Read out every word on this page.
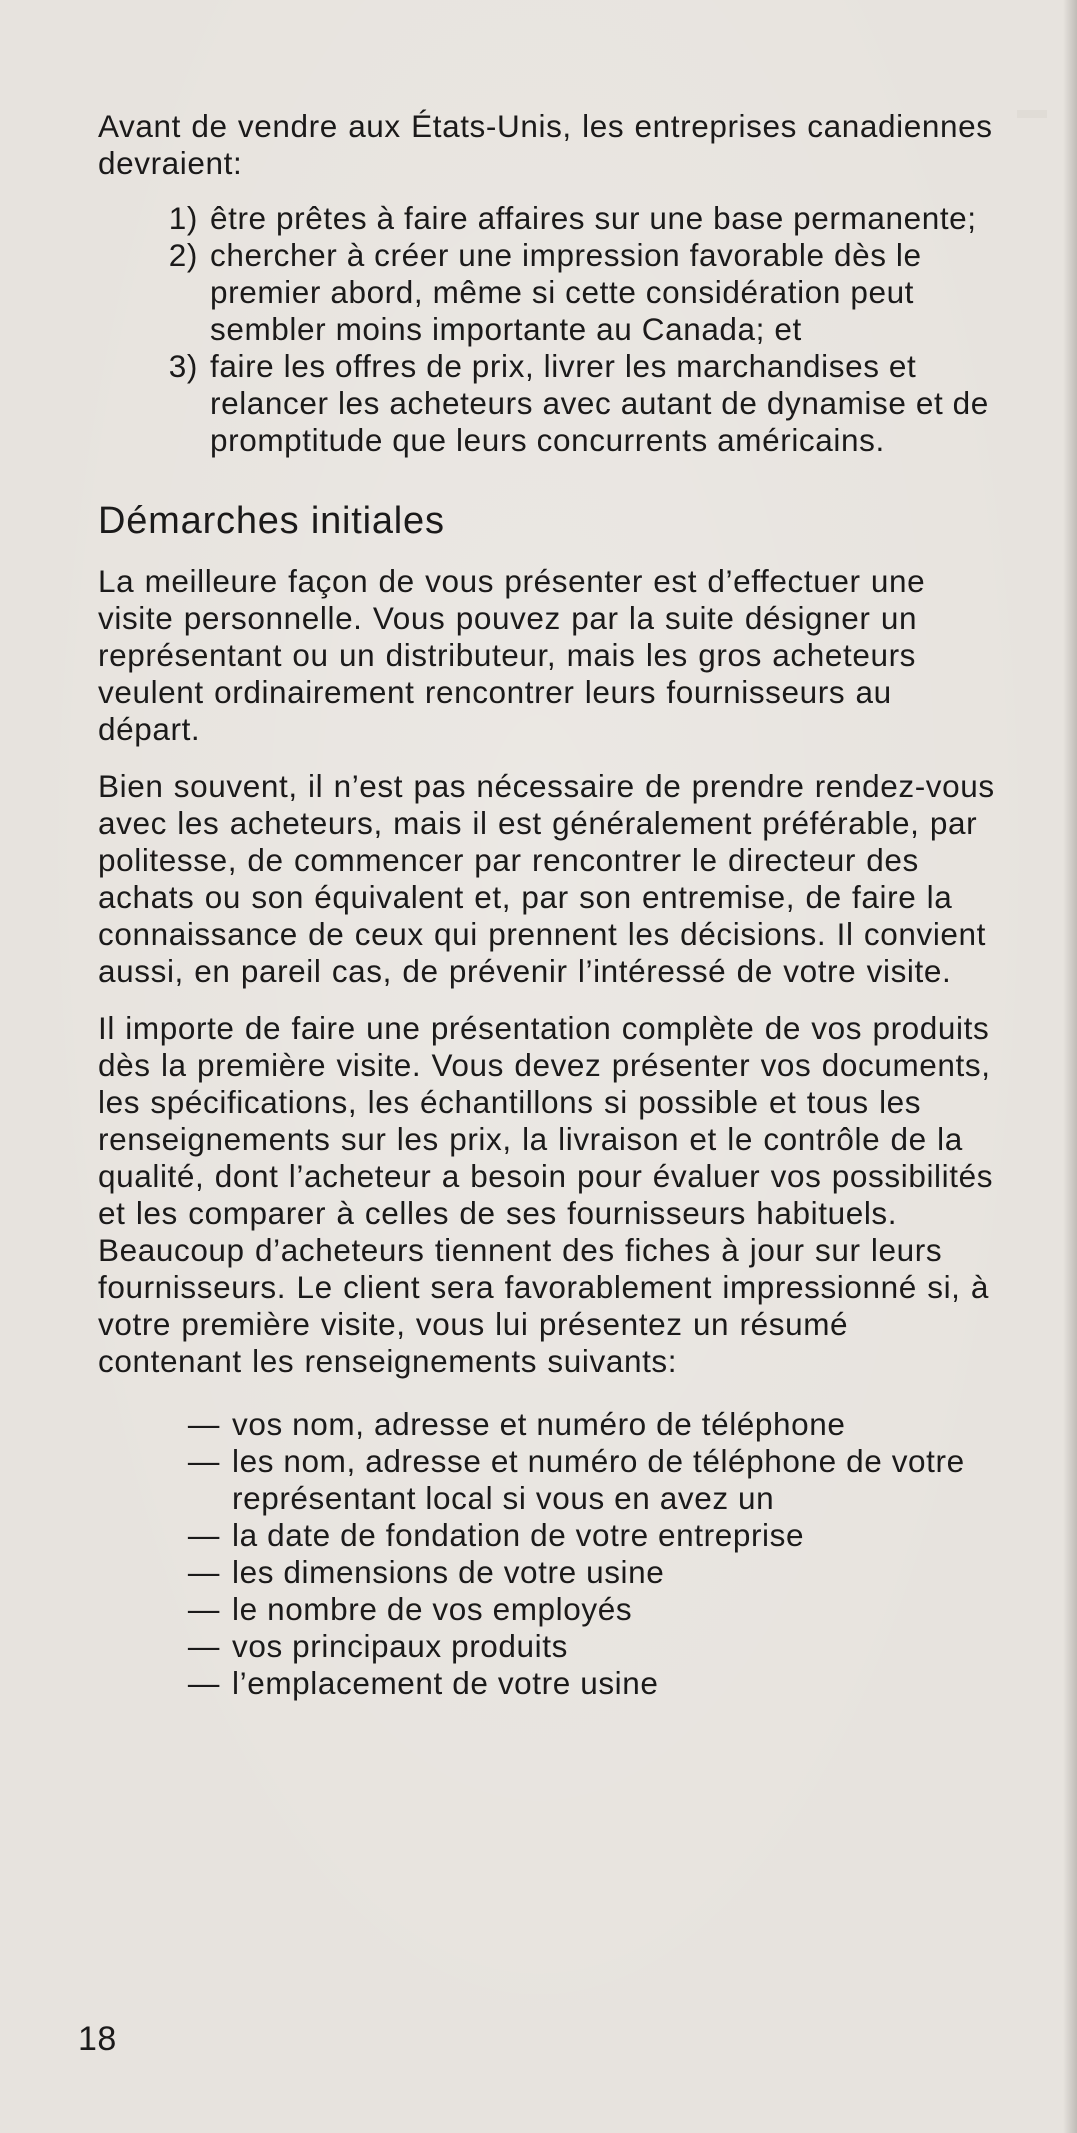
Avant de vendre aux États-Unis, les entreprises canadiennes devraient:

1) être prêtes à faire affaires sur une base permanente;
2) chercher à créer une impression favorable dès le premier abord, même si cette considération peut sembler moins importante au Canada; et
3) faire les offres de prix, livrer les marchandises et relancer les acheteurs avec autant de dynamise et de promptitude que leurs concurrents américains.
Démarches initiales

La meilleure façon de vous présenter est d’effectuer une visite personnelle. Vous pouvez par la suite désigner un représentant ou un distributeur, mais les gros acheteurs veulent ordinairement rencontrer leurs fournisseurs au départ.

Bien souvent, il n’est pas nécessaire de prendre rendez-vous avec les acheteurs, mais il est généralement préférable, par politesse, de commencer par rencontrer le directeur des achats ou son équivalent et, par son entremise, de faire la connaissance de ceux qui prennent les décisions. Il convient aussi, en pareil cas, de prévenir l’intéressé de votre visite.

Il importe de faire une présentation complète de vos produits dès la première visite. Vous devez présenter vos documents, les spécifications, les échantillons si possible et tous les renseignements sur les prix, la livraison et le contrôle de la qualité, dont l’acheteur a besoin pour évaluer vos possibilités et les comparer à celles de ses fournisseurs habituels. Beaucoup d’acheteurs tiennent des fiches à jour sur leurs fournisseurs. Le client sera favorablement impressionné si, à votre première visite, vous lui présentez un résumé contenant les renseignements suivants:

— vos nom, adresse et numéro de téléphone
— les nom, adresse et numéro de téléphone de votre représentant local si vous en avez un
— la date de fondation de votre entreprise
— les dimensions de votre usine
— le nombre de vos employés
— vos principaux produits
— l’emplacement de votre usine
18
